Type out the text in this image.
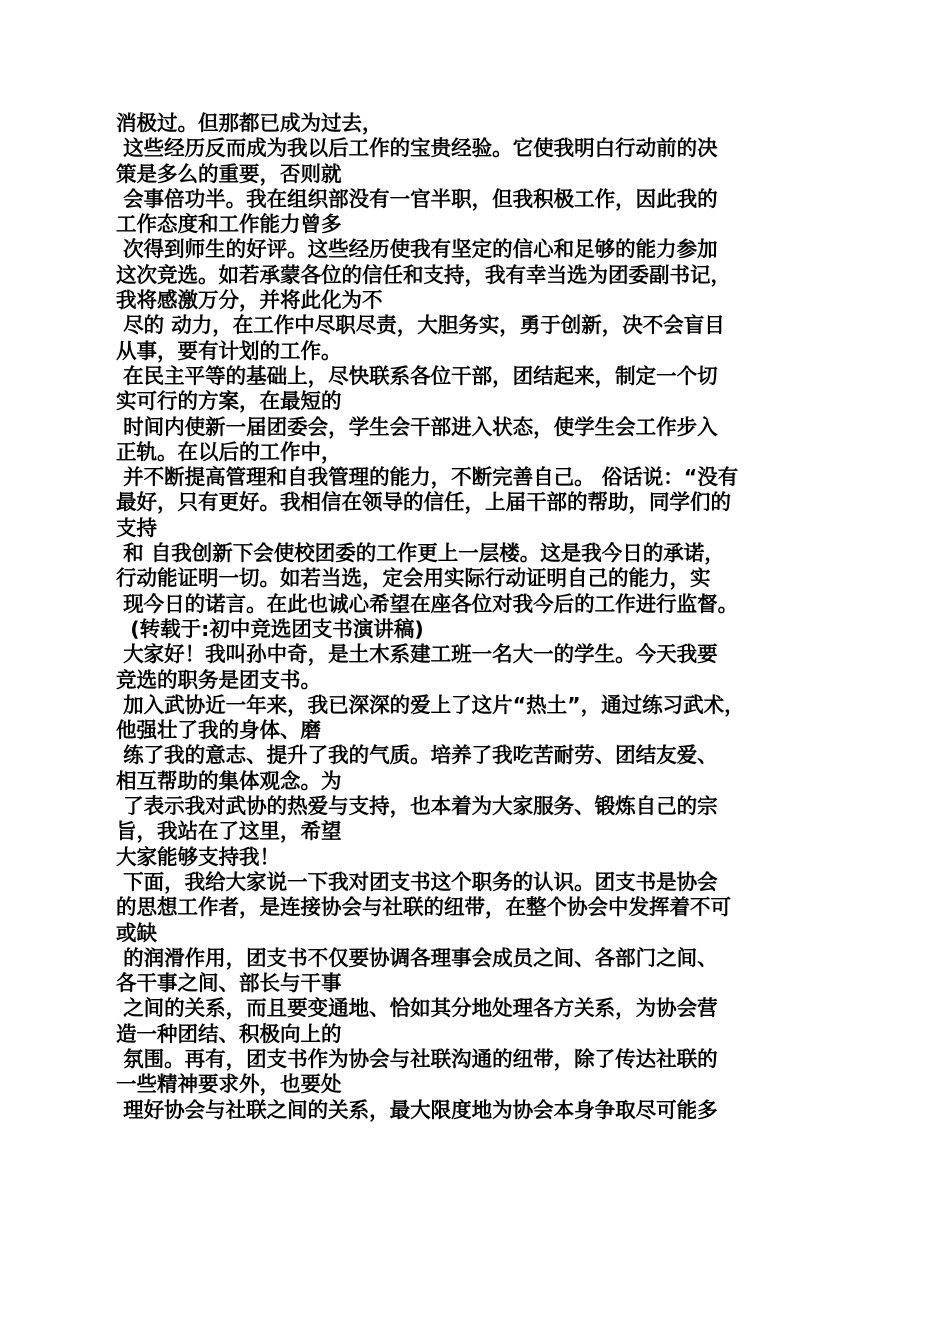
消极过。但那都已成为过去，
这些经历反而成为我以后工作的宝贵经验。它使我明白行动前的决
策是多么的重要，否则就
会事倍功半。我在组织部没有一官半职，但我积极工作，因此我的
工作态度和工作能力曾多
次得到师生的好评。这些经历使我有坚定的信心和足够的能力参加
这次竞选。如若承蒙各位的信任和支持，我有幸当选为团委副书记，
我将感激万分，并将此化为不
尽的 动力，在工作中尽职尽责，大胆务实，勇于创新，决不会盲目
从事，要有计划的工作。
在民主平等的基础上，尽快联系各位干部，团结起来，制定一个切
实可行的方案，在最短的
时间内使新一届团委会，学生会干部进入状态，使学生会工作步入
正轨。在以后的工作中，
并不断提高管理和自我管理的能力，不断完善自己。 俗话说：“没有
最好，只有更好。我相信在领导的信任，上届干部的帮助，同学们的
支持
和 自我创新下会使校团委的工作更上一层楼。这是我今日的承诺，
行动能证明一切。如若当选，定会用实际行动证明自己的能力，实
现今日的诺言。在此也诚心希望在座各位对我今后的工作进行监督。
(转载于:初中竞选团支书演讲稿)
大家好！我叫孙中奇，是土木系建工班一名大一的学生。今天我要
竞选的职务是团支书。
加入武协近一年来，我已深深的爱上了这片“热土”，通过练习武术，
他强壮了我的身体、磨
练了我的意志、提升了我的气质。培养了我吃苦耐劳、团结友爱、
相互帮助的集体观念。为
了表示我对武协的热爱与支持，也本着为大家服务、锻炼自己的宗
旨，我站在了这里，希望
大家能够支持我！
下面，我给大家说一下我对团支书这个职务的认识。团支书是协会
的思想工作者，是连接协会与社联的纽带，在整个协会中发挥着不可
或缺
的润滑作用，团支书不仅要协调各理事会成员之间、各部门之间、
各干事之间、部长与干事
之间的关系，而且要变通地、恰如其分地处理各方关系，为协会营
造一种团结、积极向上的
氛围。再有，团支书作为协会与社联沟通的纽带，除了传达社联的
一些精神要求外，也要处
理好协会与社联之间的关系，最大限度地为协会本身争取尽可能多
